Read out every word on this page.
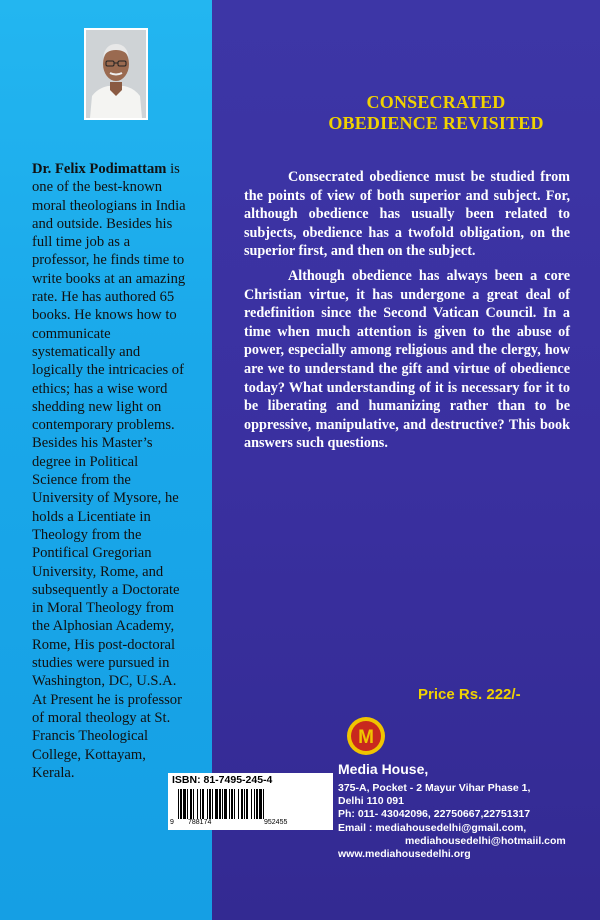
Dr. Felix Podimattam is
one of the best-known
moral theologians in India
and outside. Besides his
full time job as a
professor, he finds time to
write books at an amazing
rate. He has authored 65
books. He knows how to
communicate
systematically and
logically the intricacies of
ethics; has a wise word
shedding new light on
contemporary problems.
Besides his Master’s
degree in Political
Science from the
University of Mysore, he
holds a Licentiate in
Theology from the
Pontifical Gregorian
University, Rome, and
subsequently a Doctorate
in Moral Theology from
the Alphosian Academy,
Rome, His post-doctoral
studies were pursued in
Washington, DC, U.S.A.
At Present he is professor
of moral theology at St.
Francis Theological
College, Kottayam,
Kerala.

CONSECRATED
OBEDIENCE REVISITED

Consecrated obedience must be studied from the points of view of both superior and subject. For, although obedience has usually been related to subjects, obedience has a twofold obligation, on the superior first, and then on the subject.

Although obedience has always been a core Christian virtue, it has undergone a great deal of redefinition since the Second Vatican Council. In a time when much attention is given to the abuse of power, especially among religious and the clergy, how are we to understand the gift and virtue of obedience today? What understanding of it is necessary for it to be liberating and humanizing rather than to be oppressive, manipulative, and destructive? This book answers such questions.

Price Rs. 222/-
M
Media House,
375-A, Pocket - 2 Mayur Vihar Phase 1,
Delhi 110 091
Ph: 011- 43042096, 22750667,22751317
Email : mediahousedelhi@gmail.com,
mediahousedelhi@hotmaiil.com
www.mediahousedelhi.org
ISBN: 81-7495-245-4
9 788174	952455
